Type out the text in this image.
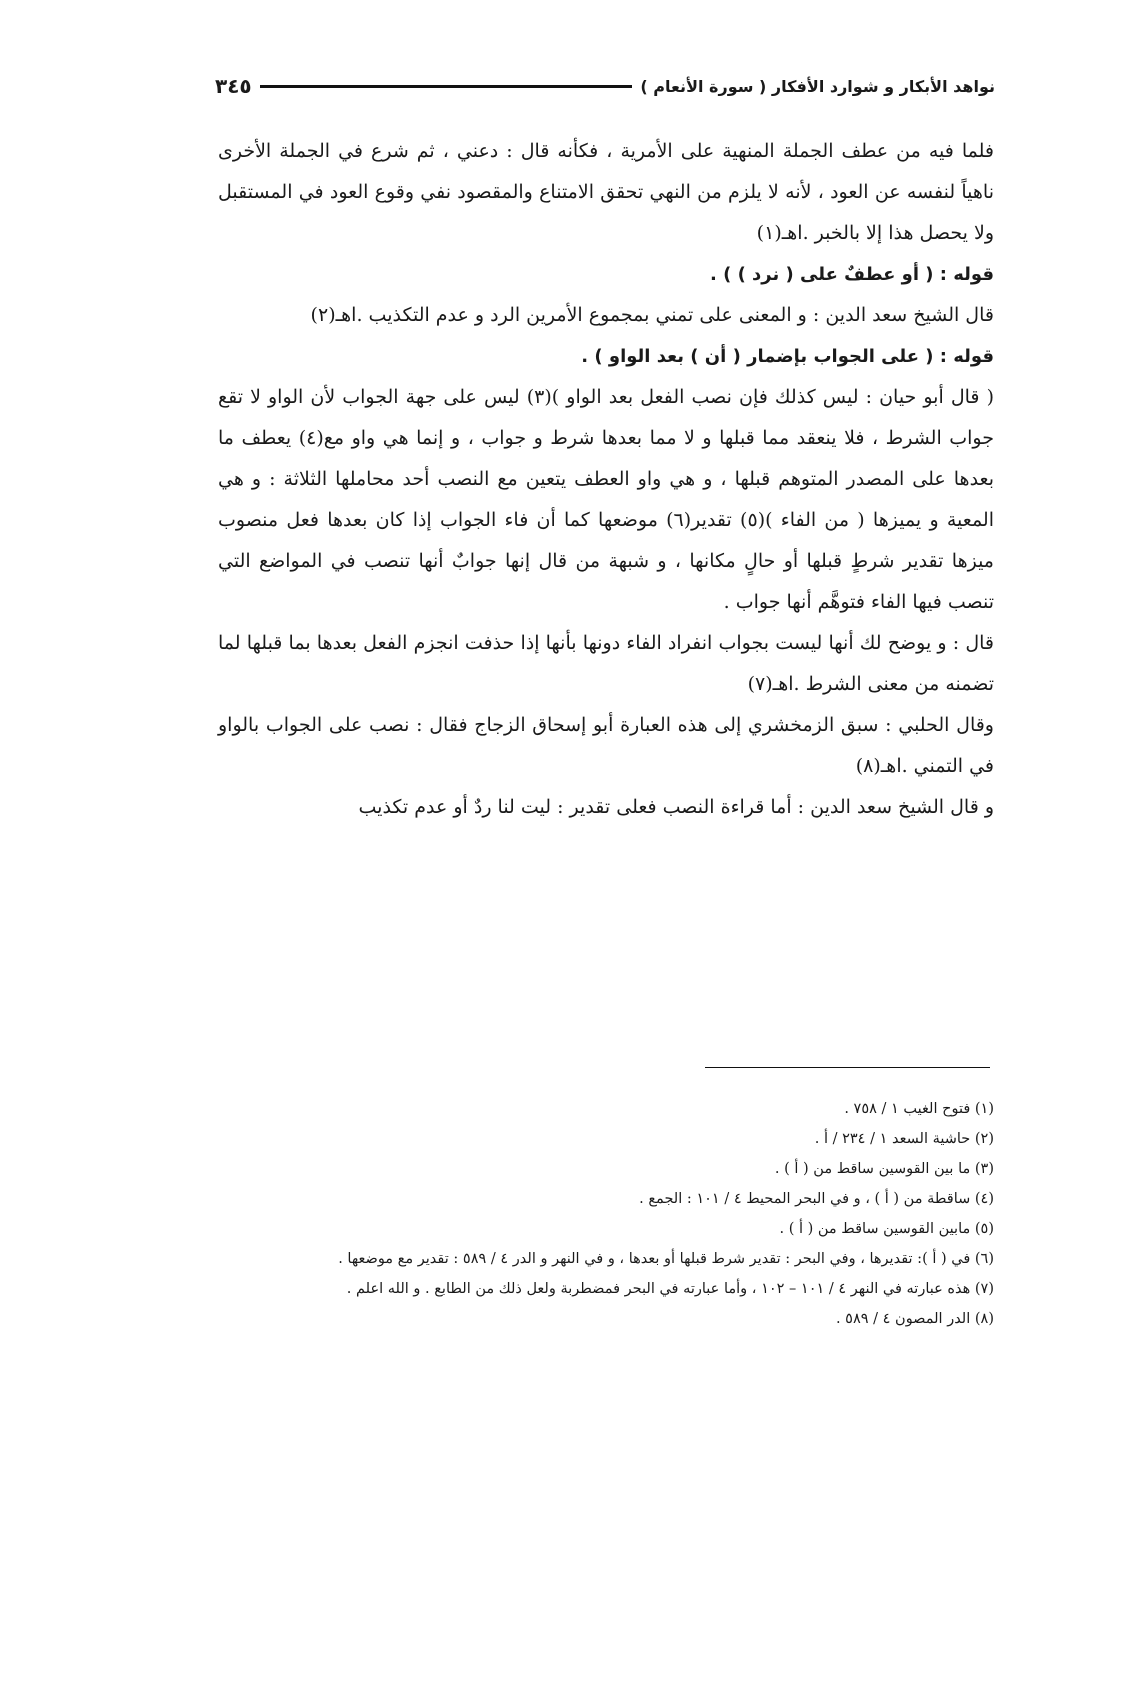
نواهد الأبكار و شوارد الأفكار ( سورة الأنعام )
٣٤٥

فلما فيه من عطف الجملة المنهية على الأمرية ، فكأنه قال : دعني ، ثم شرع في الجملة الأخرى ناهياً لنفسه عن العود ، لأنه لا يلزم من النهي تحقق الامتناع والمقصود نفي وقوع العود في المستقبل ولا يحصل هذا إلا بالخبر .اهـ(١)

قوله : ( أو عطفٌ على ( نرد ) ) .

قال الشيخ سعد الدين : و المعنى على تمني بمجموع الأمرين الرد و عدم التكذيب .اهـ(٢)

قوله : ( على الجواب بإضمار ( أن ) بعد الواو ) .

( قال أبو حيان : ليس كذلك فإن نصب الفعل بعد الواو )(٣) ليس على جهة الجواب لأن الواو لا تقع جواب الشرط ، فلا ينعقد مما قبلها و لا مما بعدها شرط و جواب ، و إنما هي واو مع(٤) يعطف ما بعدها على المصدر المتوهم قبلها ، و هي واو العطف يتعين مع النصب أحد محاملها الثلاثة : و هي المعية و يميزها ( من الفاء )(٥) تقدير(٦) موضعها كما أن فاء الجواب إذا كان بعدها فعل منصوب ميزها تقدير شرطٍ قبلها أو حالٍ مكانها ، و شبهة من قال إنها جوابٌ أنها تنصب في المواضع التي تنصب فيها الفاء فتوهَّم أنها جواب .

قال : و يوضح لك أنها ليست بجواب انفراد الفاء دونها بأنها إذا حذفت انجزم الفعل بعدها بما قبلها لما تضمنه من معنى الشرط .اهـ(٧)

وقال الحلبي : سبق الزمخشري إلى هذه العبارة أبو إسحاق الزجاج فقال : نصب على الجواب بالواو في التمني .اهـ(٨)

و قال الشيخ سعد الدين : أما قراءة النصب فعلى تقدير : ليت لنا ردٌ أو عدم تكذيب

(١) فتوح الغيب ١ / ٧٥٨ .

(٢) حاشية السعد ١ / ٢٣٤ / أ .

(٣) ما بين القوسين ساقط من ( أ ) .

(٤) ساقطة من ( أ ) ، و في البحر المحيط ٤ / ١٠١ : الجمع .

(٥) مابين القوسين ساقط من ( أ ) .

(٦) في ( أ ): تقديرها ، وفي البحر : تقدير شرط قبلها أو بعدها ، و في النهر و الدر ٤ / ٥٨٩ : تقدير مع موضعها .

(٧) هذه عبارته في النهر ٤ / ١٠١ – ١٠٢ ، وأما عبارته في البحر فمضطربة ولعل ذلك من الطابع . و الله اعلم .

(٨) الدر المصون ٤ / ٥٨٩ .
